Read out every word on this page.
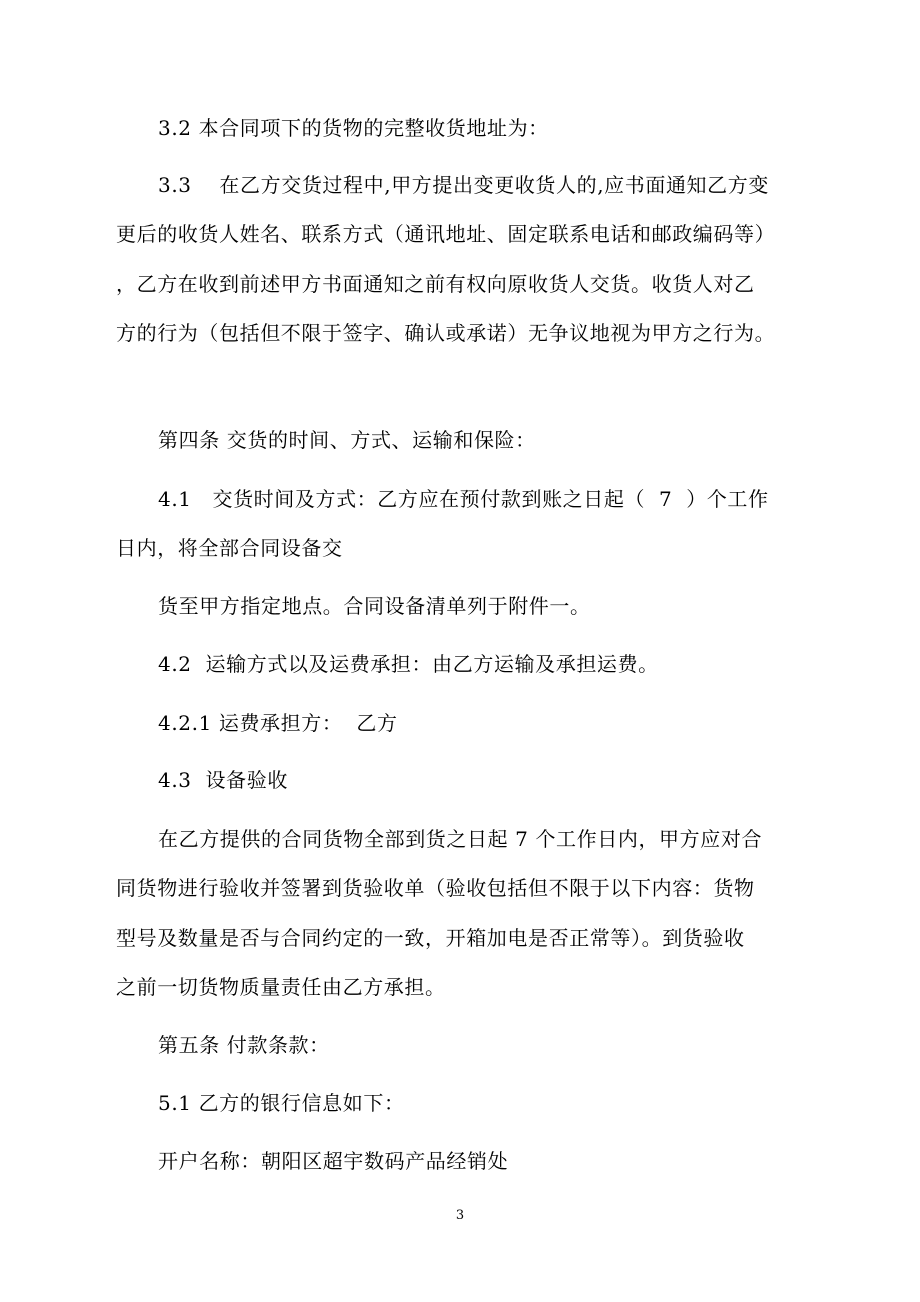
3.2 本合同项下的货物的完整收货地址为：
3.3    在乙方交货过程中,甲方提出变更收货人的,应书面通知乙方变
更后的收货人姓名、联系方式（通讯地址、固定联系电话和邮政编码等）
，乙方在收到前述甲方书面通知之前有权向原收货人交货。收货人对乙
方的行为（包括但不限于签字、确认或承诺）无争议地视为甲方之行为。
第四条 交货的时间、方式、运输和保险：
4.1   交货时间及方式：乙方应在预付款到账之日起（  7  ）个工作
日内，将全部合同设备交
货至甲方指定地点。合同设备清单列于附件一。
4.2  运输方式以及运费承担：由乙方运输及承担运费。
4.2.1 运费承担方：  乙方
4.3  设备验收
在乙方提供的合同货物全部到货之日起 7 个工作日内，甲方应对合
同货物进行验收并签署到货验收单（验收包括但不限于以下内容：货物
型号及数量是否与合同约定的一致，开箱加电是否正常等）。到货验收
之前一切货物质量责任由乙方承担。
第五条 付款条款：
5.1 乙方的银行信息如下：
开户名称：朝阳区超宇数码产品经销处
3
